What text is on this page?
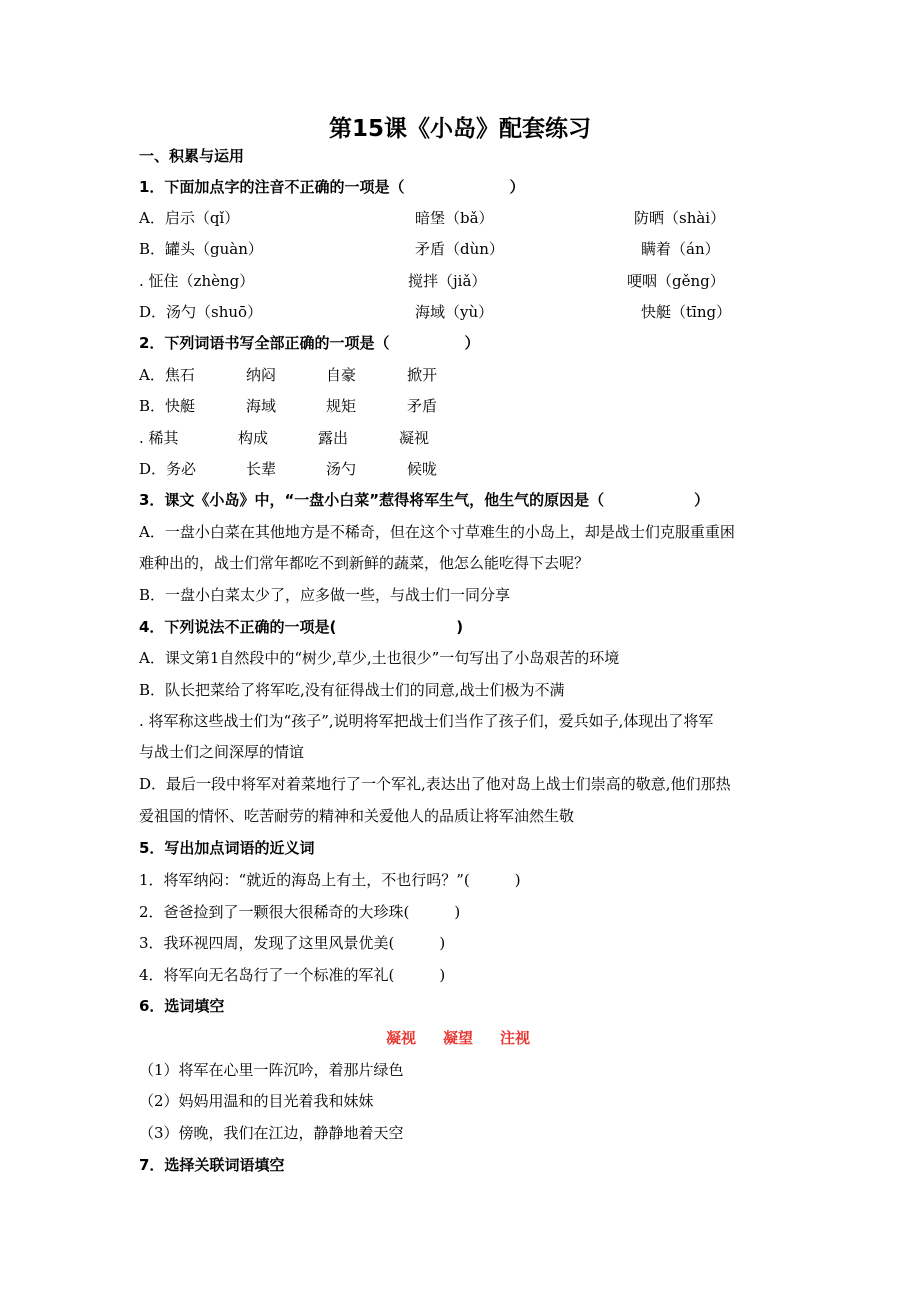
第15课《小岛》配套练习
一、积累与运用
1．下面加点字的注音不正确的一项是（　　　　　　　）
A．启示（qǐ）	暗堡（bǎ）	防晒（shài）
B．罐头（guàn）	矛盾（dùn）	瞒着（án）
. 怔住（zhèng）	搅拌（jiǎ）	哽咽（gěng）
D．汤勺（shuō）	海域（yù）	快艇（tīng）
2．下列词语书写全部正确的一项是（　　　　　）
A．焦石	纳闷	自豪	掀开
B．快艇	海域	规矩	矛盾
. 稀其	构成	露出	凝视
D．务必	长辈	汤勺	候咙
3．课文《小岛》中，“一盘小白菜”惹得将军生气，他生气的原因是（　　　　　　）
A．一盘小白菜在其他地方是不稀奇，但在这个寸草难生的小岛上，却是战士们克服重重困
难种出的，战士们常年都吃不到新鲜的蔬菜，他怎么能吃得下去呢？
B．一盘小白菜太少了，应多做一些，与战士们一同分享
4．下列说法不正确的一项是(　　　　　　　　)
A．课文第1自然段中的“树少,草少,土也很少”一句写出了小岛艰苦的环境
B．队长把菜给了将军吃,没有征得战士们的同意,战士们极为不满
. 将军称这些战士们为“孩子”,说明将军把战士们当作了孩子们，爱兵如子,体现出了将军
与战士们之间深厚的情谊
D．最后一段中将军对着菜地行了一个军礼,表达出了他对岛上战士们崇高的敬意,他们那热
爱祖国的情怀、吃苦耐劳的精神和关爱他人的品质让将军油然生敬
5．写出加点词语的近义词
1．将军纳闷：“就近的海岛上有土，不也行吗？”(　　　)
2．爸爸捡到了一颗很大很稀奇的大珍珠(　　　)
3．我环视四周，发现了这里风景优美(　　　)
4．将军向无名岛行了一个标准的军礼(　　　)
6．选词填空
凝视 凝望 注视
（1）将军在心里一阵沉吟，着那片绿色
（2）妈妈用温和的目光着我和妹妹
（3）傍晚，我们在江边，静静地着天空
7．选择关联词语填空
